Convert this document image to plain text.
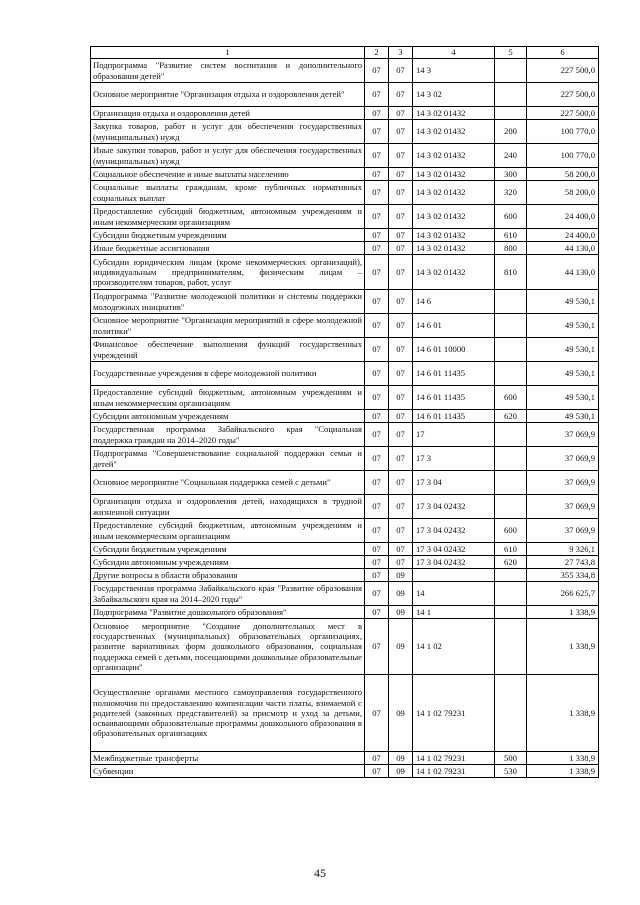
1	2	3	4	5	6
Подпрограмма "Развитие систем воспитания и дополнительного образования детей"	07	07	14 3		227 500,0
Основное мероприятие "Организация отдыха и оздоровления детей"	07	07	14 3 02		227 500,0
Организация отдыха и оздоровления детей	07	07	14 3 02 01432		227 500,0
Закупка товаров, работ и услуг для обеспечения государственных (муниципальных) нужд	07	07	14 3 02 01432	200	100 770,0
Иные закупки товаров, работ и услуг для обеспечения государственных (муниципальных) нужд	07	07	14 3 02 01432	240	100 770,0
Социальное обеспечение и иные выплаты населению	07	07	14 3 02 01432	300	58 200,0
Социальные выплаты гражданам, кроме публичных нормативных социальных выплат	07	07	14 3 02 01432	320	58 200,0
Предоставление субсидий бюджетным, автономным учреждениям и иным некоммерческим организациям	07	07	14 3 02 01432	600	24 400,0
Субсидии бюджетным учреждениям	07	07	14 3 02 01432	610	24 400,0
Иные бюджетные ассигнования	07	07	14 3 02 01432	800	44 130,0
Субсидии юридическим лицам (кроме некоммерческих организаций), индивидуальным предпринимателям, физическим лицам – производителям товаров, работ, услуг	07	07	14 3 02 01432	810	44 130,0
Подпрограмма "Развитие молодежной политики и системы поддержки молодежных инициатив"	07	07	14 6		49 530,1
Основное мероприятие "Организация мероприятий в сфере молодежной политики"	07	07	14 6 01		49 530,1
Финансовое обеспечение выполнения функций государственных учреждений	07	07	14 6 01 10000		49 530,1
Государственные учреждения в сфере молодежной политики	07	07	14 6 01 11435		49 530,1
Предоставление субсидий бюджетным, автономным учреждениям и иным некоммерческим организациям	07	07	14 6 01 11435	600	49 530,1
Субсидии автономным учреждениям	07	07	14 6 01 11435	620	49 530,1
Государственная программа Забайкальского края "Социальная поддержка граждан на 2014–2020 годы"	07	07	17		37 069,9
Подпрограмма "Совершенствование социальной поддержки семьи и детей"	07	07	17 3		37 069,9
Основное мероприятие "Социальная поддержка семей с детьми"	07	07	17 3 04		37 069,9
Организация отдыха и оздоровления детей, находящихся в трудной жизненной ситуации	07	07	17 3 04 02432		37 069,9
Предоставление субсидий бюджетным, автономным учреждениям и иным некоммерческим организациям	07	07	17 3 04 02432	600	37 069,9
Субсидии бюджетным учреждениям	07	07	17 3 04 02432	610	9 326,1
Субсидии автономным учреждениям	07	07	17 3 04 02432	620	27 743,8
Другие вопросы в области образования	07	09			355 334,8
Государственная программа Забайкальского края "Развитие образования Забайкальского края на 2014–2020 годы"	07	09	14		266 625,7
Подпрограмма "Развитие дошкольного образования"	07	09	14 1		1 338,9
Основное мероприятие "Создание дополнительных мест в государственных (муниципальных) образовательных организациях, развитие вариативных форм дошкольного образования, социальная поддержка семей с детьми, посещающими дошкольные образовательные организации"	07	09	14 1 02		1 338,9
Осуществление органами местного самоуправления государственного полномочия по предоставлению компенсации части платы, взимаемой с родителей (законных представителей) за присмотр и уход за детьми, осваивающими образовательные программы дошкольного образования в образовательных организациях	07	09	14 1 02 79231		1 338,9
Межбюджетные трансферты	07	09	14 1 02 79231	500	1 338,9
Субвенции	07	09	14 1 02 79231	530	1 338,9
45
